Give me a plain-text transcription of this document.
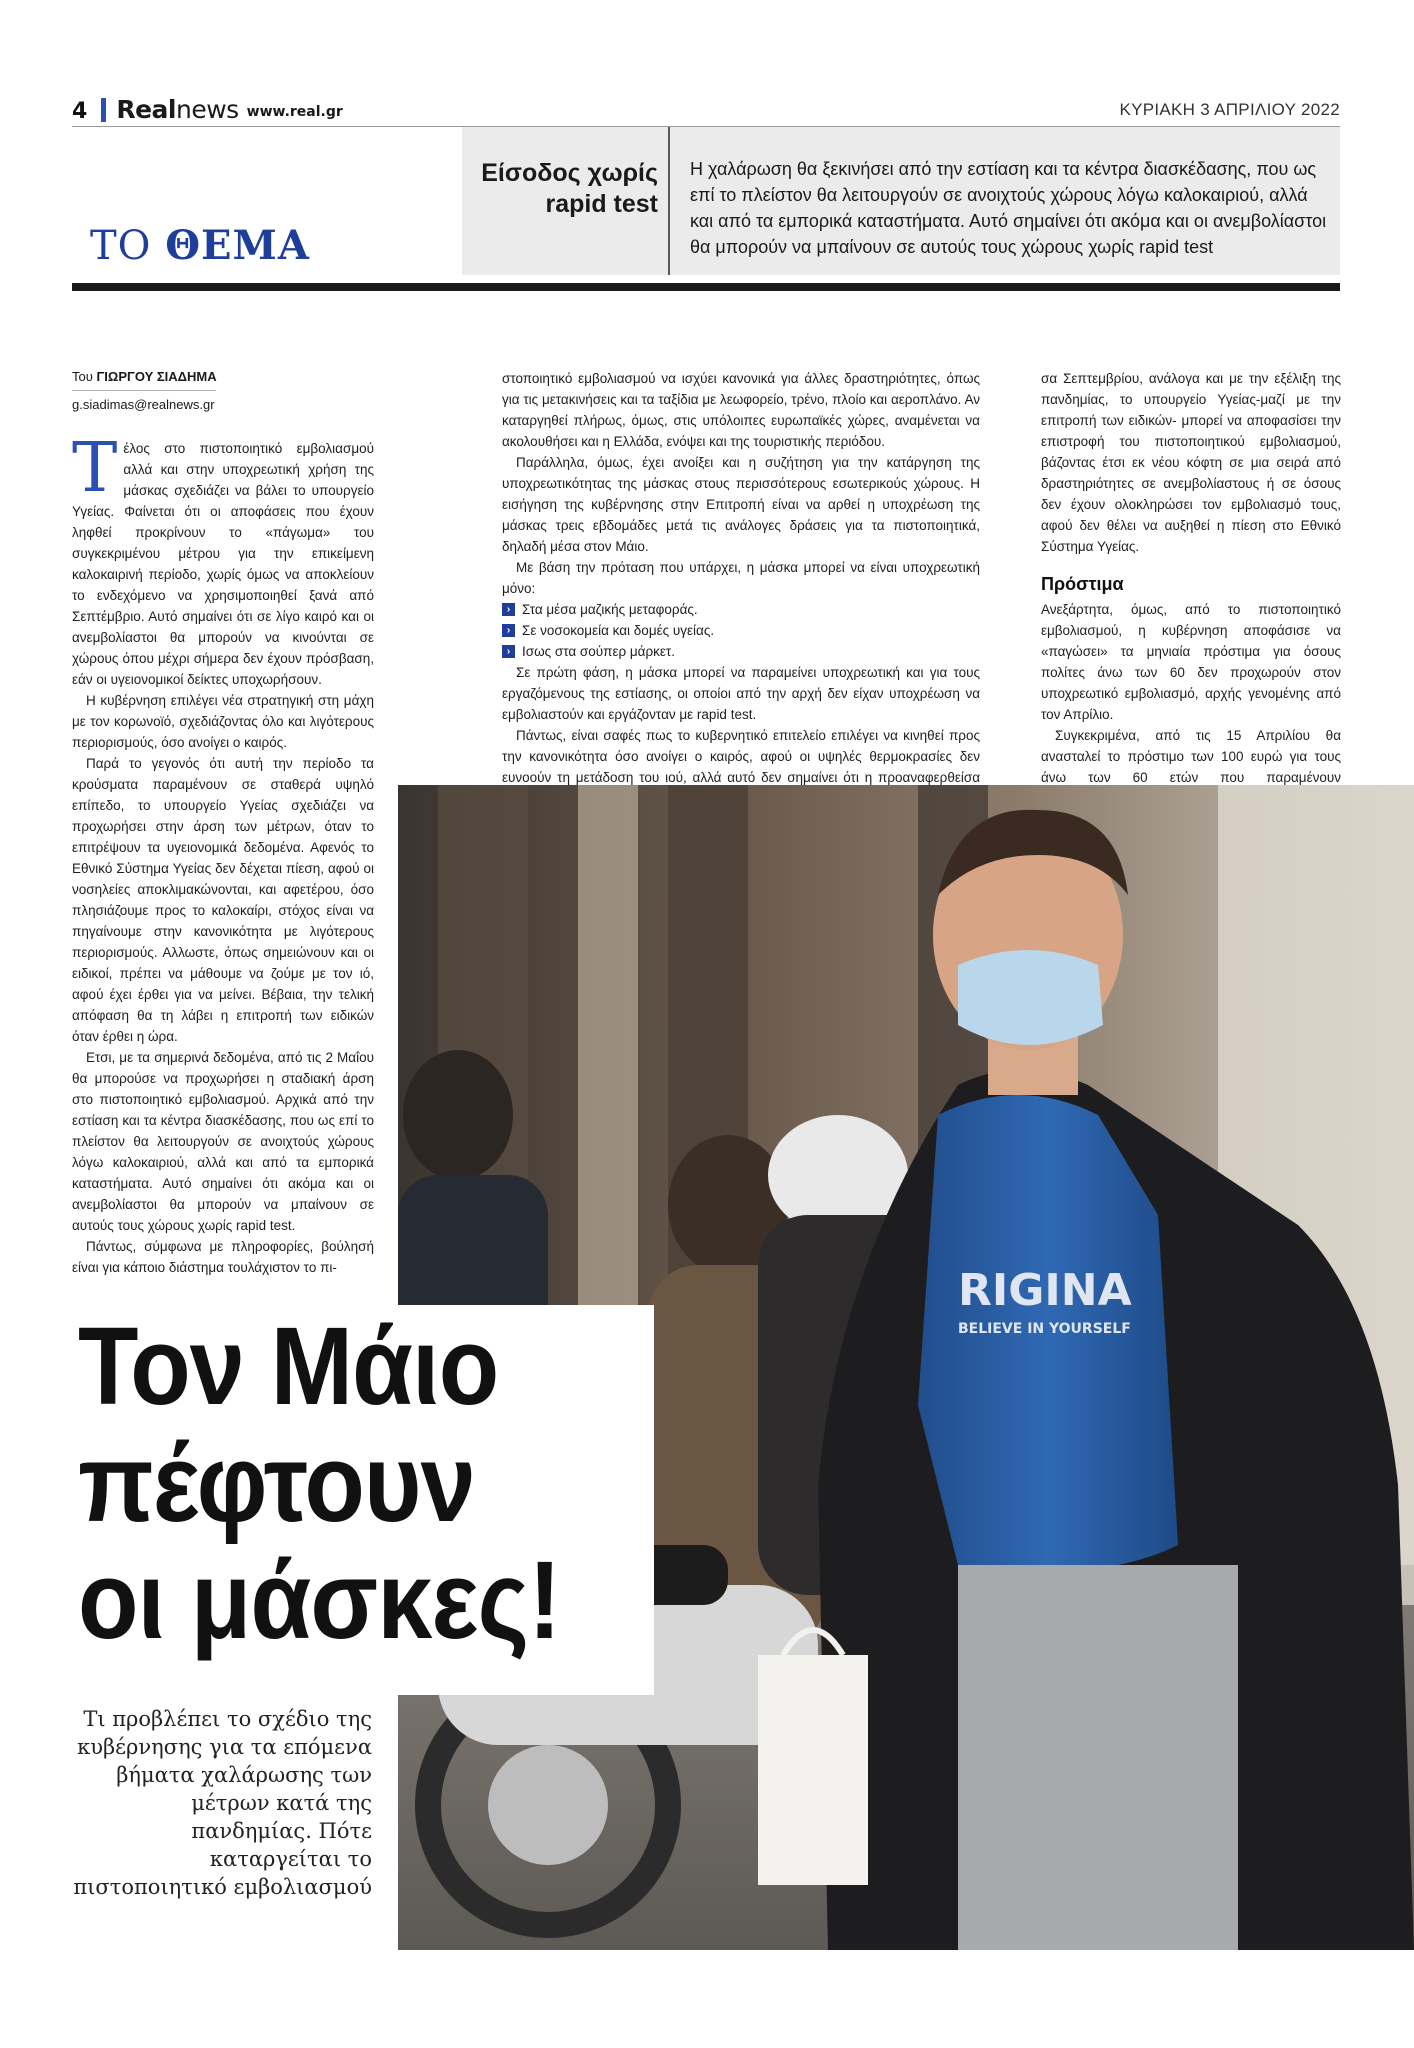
4 Realnews www.real.gr	ΚΥΡΙΑΚΗ 3 ΑΠΡΙΛΙΟΥ 2022
ΤΟ ΘΕΜΑ
Είσοδος χωρίς
rapid test
Η χαλάρωση θα ξεκινήσει από την εστίαση και τα κέντρα διασκέδασης, που ως επί το πλείστον θα λειτουργούν σε ανοιχτούς χώρους λόγω καλοκαιριού, αλλά και από τα εμπορικά καταστήματα. Αυτό σημαίνει ότι ακόμα και οι ανεμβολίαστοι θα μπορούν να μπαίνουν σε αυτούς τους χώρους χωρίς rapid test
Του ΓΙΩΡΓΟΥ ΣΙΑΔΗΜΑ
g.siadimas@realnews.gr

Τέλος στο πιστοποιητικό εμβολιασμού αλλά και στην υποχρεωτική χρήση της μάσκας σχεδιάζει να βάλει το υπουργείο Υγείας. Φαίνεται ότι οι αποφάσεις που έχουν ληφθεί προκρίνουν το «πάγωμα» του συγκεκριμένου μέτρου για την επικείμενη καλοκαιρινή περίοδο, χωρίς όμως να αποκλείουν το ενδεχόμενο να χρησιμοποιηθεί ξανά από Σεπτέμβριο. Αυτό σημαίνει ότι σε λίγο καιρό και οι ανεμβολίαστοι θα μπορούν να κινούνται σε χώρους όπου μέχρι σήμερα δεν έχουν πρόσβαση, εάν οι υγειονομικοί δείκτες υποχωρήσουν.

Η κυβέρνηση επιλέγει νέα στρατηγική στη μάχη με τον κορωνοϊό, σχεδιάζοντας όλο και λιγότερους περιορισμούς, όσο ανοίγει ο καιρός.

Παρά το γεγονός ότι αυτή την περίοδο τα κρούσματα παραμένουν σε σταθερά υψηλό επίπεδο, το υπουργείο Υγείας σχεδιάζει να προχωρήσει στην άρση των μέτρων, όταν το επιτρέψουν τα υγειονομικά δεδομένα. Αφενός το Εθνικό Σύστημα Υγείας δεν δέχεται πίεση, αφού οι νοσηλείες αποκλιμακώνονται, και αφετέρου, όσο πλησιάζουμε προς το καλοκαίρι, στόχος είναι να πηγαίνουμε στην κανονικότητα με λιγότερους περιορισμούς. Αλλωστε, όπως σημειώνουν και οι ειδικοί, πρέπει να μάθουμε να ζούμε με τον ιό, αφού έχει έρθει για να μείνει. Βέβαια, την τελική απόφαση θα τη λάβει η επιτροπή των ειδικών όταν έρθει η ώρα.

Ετσι, με τα σημερινά δεδομένα, από τις 2 Μαΐου θα μπορούσε να προχωρήσει η σταδιακή άρση στο πιστοποιητικό εμβολιασμού. Αρχικά από την εστίαση και τα κέντρα διασκέδασης, που ως επί το πλείστον θα λειτουργούν σε ανοιχτούς χώρους λόγω καλοκαιριού, αλλά και από τα εμπορικά καταστήματα. Αυτό σημαίνει ότι ακόμα και οι ανεμβολίαστοι θα μπορούν να μπαίνουν σε αυτούς τους χώρους χωρίς rapid test.

Πάντως, σύμφωνα με πληροφορίες, βούλησή είναι για κάποιο διάστημα τουλάχιστον το πι-

στοποιητικό εμβολιασμού να ισχύει κανονικά για άλλες δραστηριότητες, όπως για τις μετακινήσεις και τα ταξίδια με λεωφορείο, τρένο, πλοίο και αεροπλάνο. Αν καταργηθεί πλήρως, όμως, στις υπόλοιπες ευρωπαϊκές χώρες, αναμένεται να ακολουθήσει και η Ελλάδα, ενόψει και της τουριστικής περιόδου.

Παράλληλα, όμως, έχει ανοίξει και η συζήτηση για την κατάργηση της υποχρεωτικότητας της μάσκας στους περισσότερους εσωτερικούς χώρους. Η εισήγηση της κυβέρνησης στην Επιτροπή είναι να αρθεί η υποχρέωση της μάσκας τρεις εβδομάδες μετά τις ανάλογες δράσεις για τα πιστοποιητικά, δηλαδή μέσα στον Μάιο.

Με βάση την πρόταση που υπάρχει, η μάσκα μπορεί να είναι υποχρεωτική μόνο:

› Στα μέσα μαζικής μεταφοράς.
› Σε νοσοκομεία και δομές υγείας.
› Ισως στα σούπερ μάρκετ.

Σε πρώτη φάση, η μάσκα μπορεί να παραμείνει υποχρεωτική και για τους εργαζόμενους της εστίασης, οι οποίοι από την αρχή δεν είχαν υποχρέωση να εμβολιαστούν και εργάζονταν με rapid test.

Πάντως, είναι σαφές πως το κυβερνητικό επιτελείο επιλέγει να κινηθεί προς την κανονικότητα όσο ανοίγει ο καιρός, αφού οι υψηλές θερμοκρασίες δεν ευνοούν τη μετάδοση του ιού, αλλά αυτό δεν σημαίνει ότι η προαναφερθείσα

σα Σεπτεμβρίου, ανάλογα και με την εξέλιξη της πανδημίας, το υπουργείο Υγείας-μαζί με την επιτροπή των ειδικών- μπορεί να αποφασίσει την επιστροφή του πιστοποιητικού εμβολιασμού, βάζοντας έτσι εκ νέου κόφτη σε μια σειρά από δραστηριότητες σε ανεμβολίαστους ή σε όσους δεν έχουν ολοκληρώσει τον εμβολιασμό τους, αφού δεν θέλει να αυξηθεί η πίεση στο Εθνικό Σύστημα Υγείας.

Πρόστιμα

Ανεξάρτητα, όμως, από το πιστοποιητικό εμβολιασμού, η κυβέρνηση αποφάσισε να «παγώσει» τα μηνιαία πρόστιμα για όσους πολίτες άνω των 60 δεν προχωρούν στον υποχρεωτικό εμβολιασμό, αρχής γενομένης από τον Απρίλιο.

Συγκεκριμένα, από τις 15 Απριλίου θα ανασταλεί το πρόστιμο των 100 ευρώ για τους άνω των 60 ετών που παραμένουν

RIGINA
BELIEVE IN YOURSELF
Τον Μάιο
πέφτουν
οι μάσκες!
Τι προβλέπει το σχέδιο της κυβέρνησης για τα επόμενα βήματα χαλάρωσης των μέτρων κατά της πανδημίας. Πότε καταργείται το πιστοποιητικό εμβολιασμού
